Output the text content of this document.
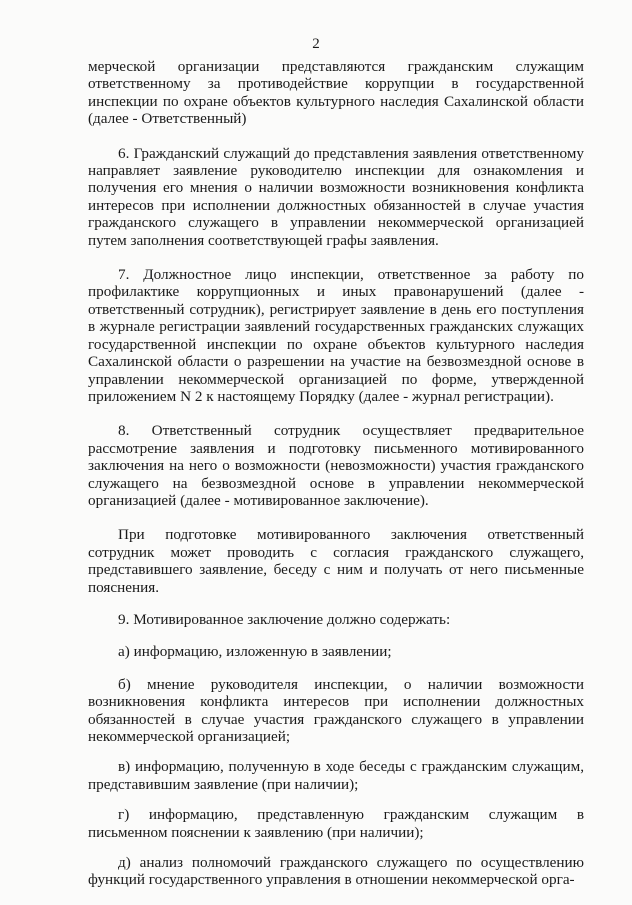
2

мерческой организации представляются гражданским служащим ответственному за противодействие коррупции в государственной инспекции по охране объектов культурного наследия Сахалинской области (далее - Ответственный)

6. Гражданский служащий до представления заявления ответственному направляет заявление руководителю инспекции для ознакомления и получения его мнения о наличии возможности возникновения конфликта интересов при исполнении должностных обязанностей в случае участия гражданского служащего в управлении некоммерческой организацией путем заполнения соответствующей графы заявления.

7. Должностное лицо инспекции, ответственное за работу по профилактике коррупционных и иных правонарушений (далее - ответственный сотрудник), регистрирует заявление в день его поступления в журнале регистрации заявлений государственных гражданских служащих государственной инспекции по охране объектов культурного наследия Сахалинской области о разрешении на участие на безвозмездной основе в управлении некоммерческой организацией по форме, утвержденной приложением N 2 к настоящему Порядку (далее - журнал регистрации).

8. Ответственный сотрудник осуществляет предварительное рассмотрение заявления и подготовку письменного мотивированного заключения на него о возможности (невозможности) участия гражданского служащего на безвозмездной основе в управлении некоммерческой организацией (далее - мотивированное заключение).

При подготовке мотивированного заключения ответственный сотрудник может проводить с согласия гражданского служащего, представившего заявление, беседу с ним и получать от него письменные пояснения.

9. Мотивированное заключение должно содержать:

а) информацию, изложенную в заявлении;

б) мнение руководителя инспекции, о наличии возможности возникновения конфликта интересов при исполнении должностных обязанностей в случае участия гражданского служащего в управлении некоммерческой организацией;

в) информацию, полученную в ходе беседы с гражданским служащим, представившим заявление (при наличии);

г) информацию, представленную гражданским служащим в письменном пояснении к заявлению (при наличии);

д) анализ полномочий гражданского служащего по осуществлению функций государственного управления в отношении некоммерческой орга-
